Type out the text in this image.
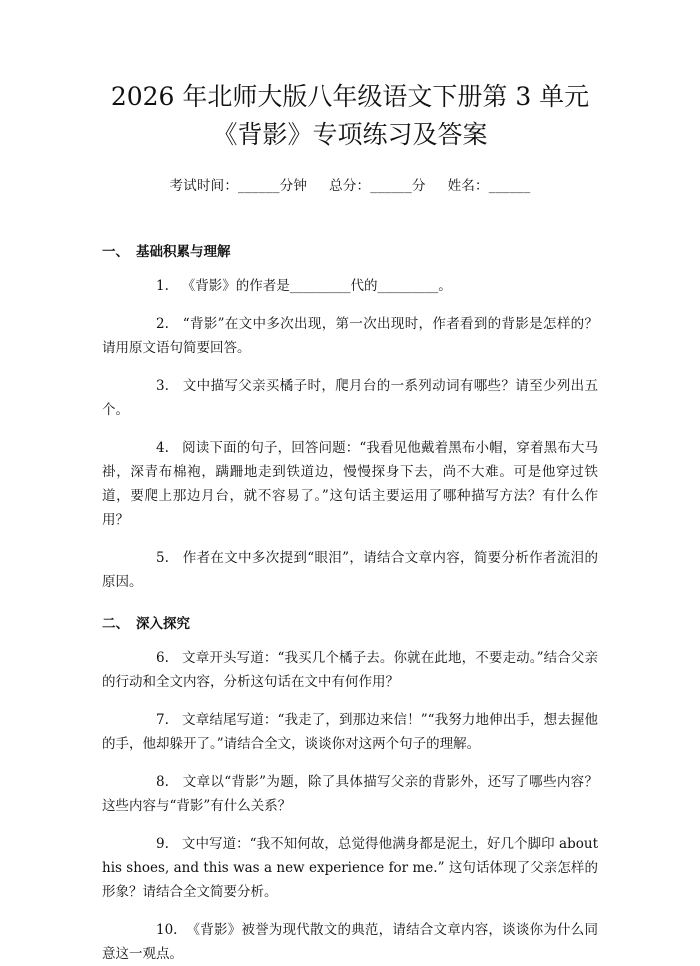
2026 年北师大版八年级语文下册第 3 单元
《背影》专项练习及答案
考试时间：______分钟 总分：______分 姓名：______
一、 基础积累与理解

1. 《背影》的作者是_________代的_________。

2. “背影”在文中多次出现，第一次出现时，作者看到的背影是怎样的？请用原文语句简要回答。

3. 文中描写父亲买橘子时，爬月台的一系列动词有哪些？请至少列出五个。

4. 阅读下面的句子，回答问题：“我看见他戴着黑布小帽，穿着黑布大马褂，深青布棉袍，蹒跚地走到铁道边，慢慢探身下去，尚不大难。可是他穿过铁道，要爬上那边月台，就不容易了。”这句话主要运用了哪种描写方法？有什么作用？

5. 作者在文中多次提到“眼泪”，请结合文章内容，简要分析作者流泪的原因。

二、 深入探究

6. 文章开头写道：“我买几个橘子去。你就在此地，不要走动。”结合父亲的行动和全文内容，分析这句话在文中有何作用？

7. 文章结尾写道：“我走了，到那边来信！”“我努力地伸出手，想去握他的手，他却躲开了。”请结合全文，谈谈你对这两个句子的理解。

8. 文章以“背影”为题，除了具体描写父亲的背影外，还写了哪些内容？这些内容与“背影”有什么关系？

9. 文中写道：“我不知何故，总觉得他满身都是泥土，好几个脚印 about his shoes, and this was a new experience for me.” 这句话体现了父亲怎样的形象？请结合全文简要分析。

10. 《背影》被誉为现代散文的典范，请结合文章内容，谈谈你为什么同意这一观点。
